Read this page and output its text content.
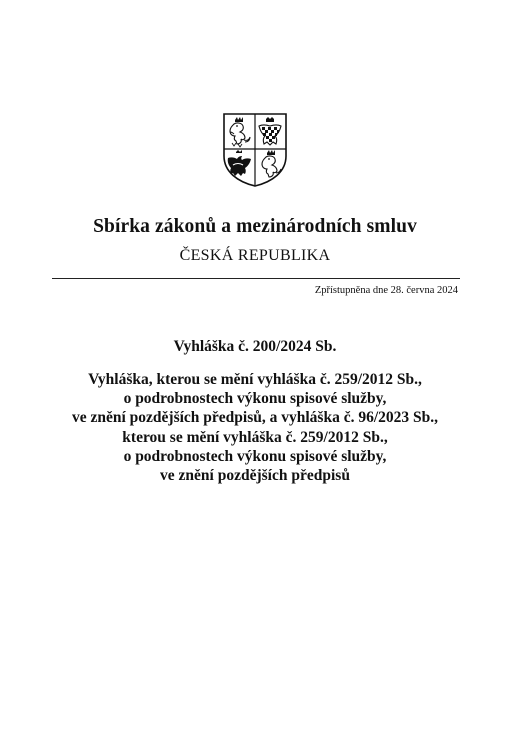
Sbírka zákonů a mezinárodních smluv
ČESKÁ REPUBLIKA
Zpřístupněna dne 28. června 2024
Vyhláška č. 200/2024 Sb.
Vyhláška, kterou se mění vyhláška č. 259/2012 Sb.,
o podrobnostech výkonu spisové služby,
ve znění pozdějších předpisů, a vyhláška č. 96/2023 Sb.,
kterou se mění vyhláška č. 259/2012 Sb.,
o podrobnostech výkonu spisové služby,
ve znění pozdějších předpisů
